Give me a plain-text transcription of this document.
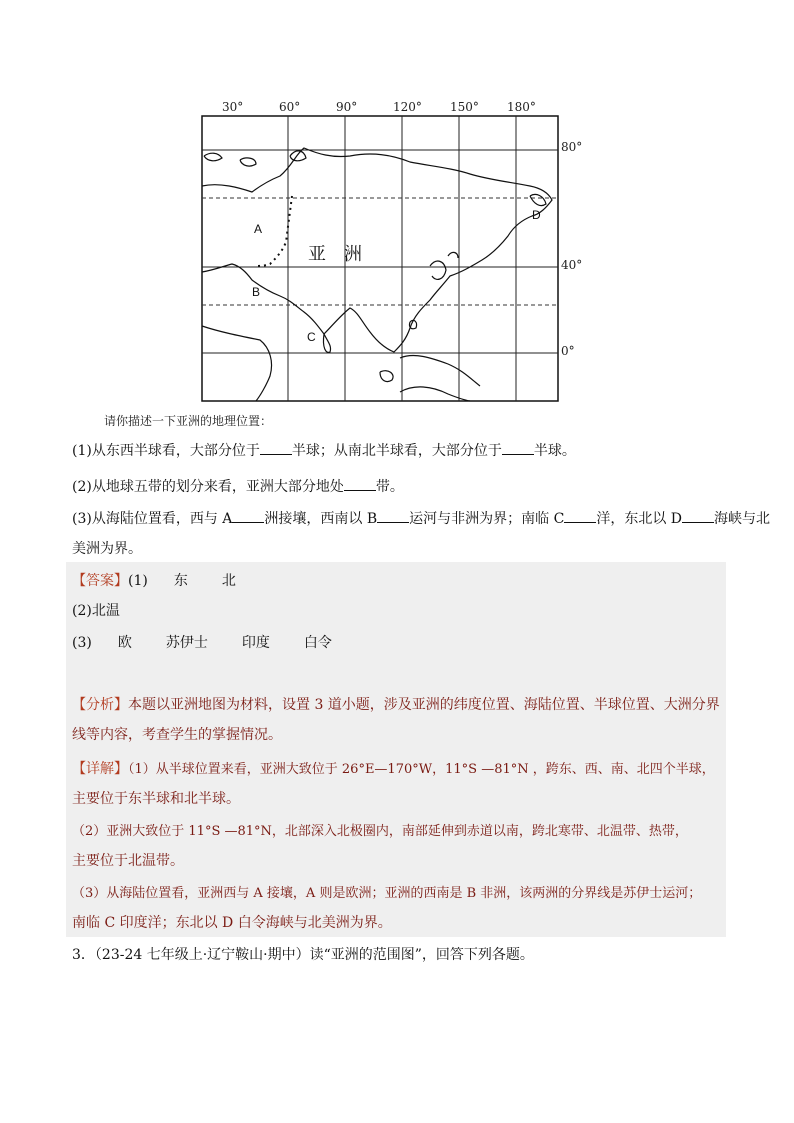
30°	60°	90°	120° 150° 180°
80°
40°
0°
A
B
C
D
亚　洲
请你描述一下亚洲的地理位置：
(1)从东西半球看，大部分位于 半球；从南北半球看，大部分位于 半球。
(2)从地球五带的划分来看，亚洲大部分地处 带。
(3)从海陆位置看，西与 A 洲接壤，西南以 B 运河与非洲为界；南临 C 洋，东北以 D 海峡与北
美洲为界。
【答案】(1) 东 北
(2)北温
(3) 欧 苏伊士 印度 白令
【分析】本题以亚洲地图为材料，设置 3 道小题，涉及亚洲的纬度位置、海陆位置、半球位置、大洲分界
线等内容，考查学生的掌握情况。
【详解】（1）从半球位置来看，亚洲大致位于 26°E—170°W，11°S —81°N ，跨东、西、南、北四个半球，
主要位于东半球和北半球。
（2）亚洲大致位于 11°S —81°N，北部深入北极圈内，南部延伸到赤道以南，跨北寒带、北温带、热带，
主要位于北温带。
（3）从海陆位置看，亚洲西与 A 接壤，A 则是欧洲；亚洲的西南是 B 非洲，该两洲的分界线是苏伊士运河；
南临 C 印度洋；东北以 D 白令海峡与北美洲为界。
3．（23-24 七年级上·辽宁鞍山·期中）读“亚洲的范围图”，回答下列各题。
